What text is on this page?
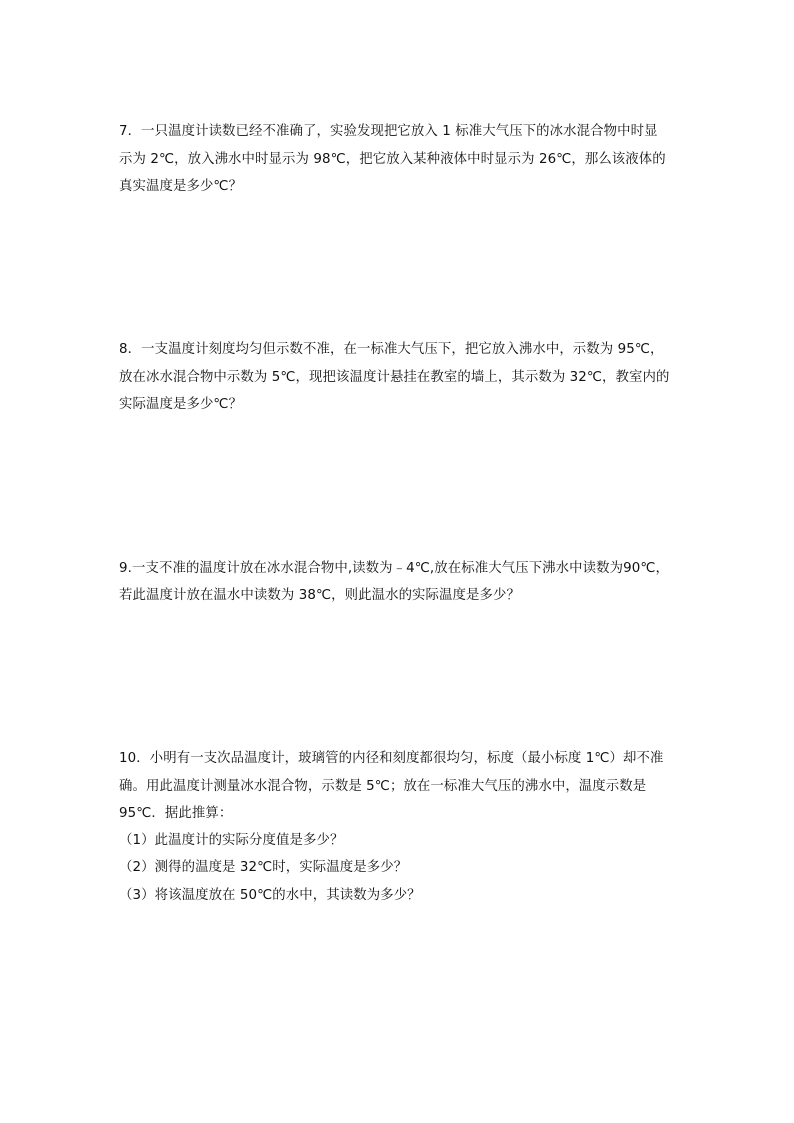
7．一只温度计读数已经不准确了，实验发现把它放入 1 标准大气压下的冰水混合物中时显
示为 2℃，放入沸水中时显示为 98℃，把它放入某种液体中时显示为 26℃，那么该液体的
真实温度是多少℃？
8．一支温度计刻度均匀但示数不准，在一标准大气压下，把它放入沸水中，示数为 95℃，
放在冰水混合物中示数为 5℃，现把该温度计悬挂在教室的墙上，其示数为 32℃，教室内的
实际温度是多少℃？
9.一支不准的温度计放在冰水混合物中,读数为﹣4℃,放在标准大气压下沸水中读数为90℃，
若此温度计放在温水中读数为 38℃，则此温水的实际温度是多少？
10．小明有一支次品温度计，玻璃管的内径和刻度都很均匀，标度（最小标度 1℃）却不准
确。用此温度计测量冰水混合物，示数是 5℃；放在一标准大气压的沸水中，温度示数是
95℃．据此推算：
（1）此温度计的实际分度值是多少？
（2）测得的温度是 32℃时，实际温度是多少？
（3）将该温度放在 50℃的水中，其读数为多少？
